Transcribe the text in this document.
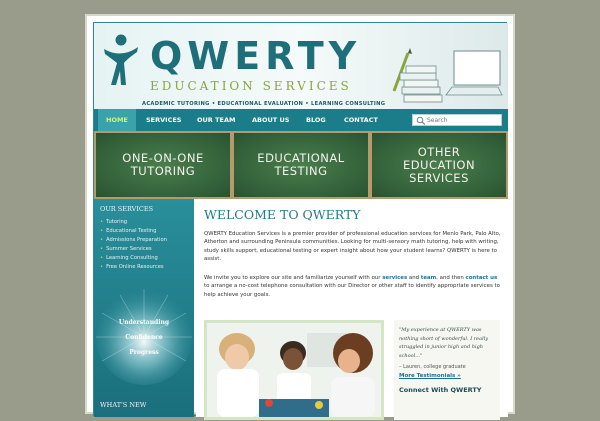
QWERTY
EDUCATION SERVICES
ACADEMIC TUTORING • EDUCATIONAL EVALUATION • LEARNING CONSULTING
HOME	SERVICES OUR TEAM	ABOUT US	BLOG	CONTACT
Search
ONE-ON-ONE
TUTORING
EDUCATIONAL
TESTING
OTHER
EDUCATION
SERVICES
OUR SERVICES
• Tutoring
• Educational Testing
• Admissions Preparation
• Summer Services
• Learning Consulting
• Free Online Resources
Understanding
Confidence
Progress
WHAT'S NEW
WELCOME TO QWERTY

QWERTY Education Services is a premier provider of professional education services for Menlo Park, Palo Alto, Atherton and surrounding Peninsula communities. Looking for multi-sensory math tutoring, help with writing, study skills support, educational testing or expert insight about how your student learns? QWERTY is here to assist.

We invite you to explore our site and familiarize yourself with our services and team, and then contact us to arrange a no-cost telephone consultation with our Director or other staff to identify appropriate services to help achieve your goals.

"My experience at QWERTY was nothing short of wonderful. I really struggled in junior high and high school..."
– Lauren, college graduate
More Testimonials »
Connect With QWERTY
